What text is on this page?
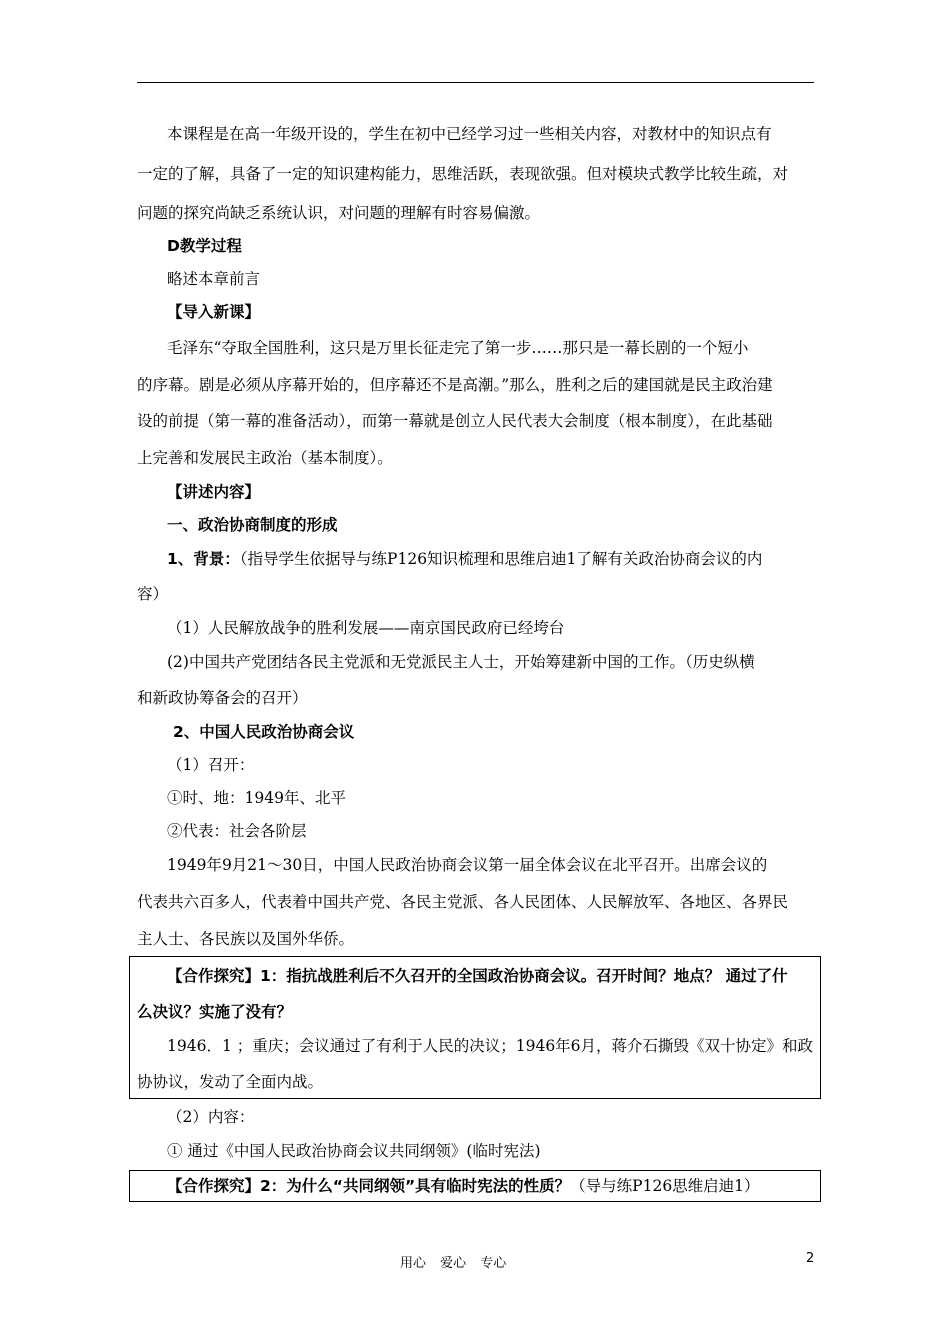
本课程是在高一年级开设的，学生在初中已经学习过一些相关内容，对教材中的知识点有
一定的了解，具备了一定的知识建构能力，思维活跃，表现欲强。但对模块式教学比较生疏，对
问题的探究尚缺乏系统认识，对问题的理解有时容易偏激。
D教学过程
略述本章前言
【导入新课】
毛泽东“夺取全国胜利，这只是万里长征走完了第一步……那只是一幕长剧的一个短小
的序幕。剧是必须从序幕开始的，但序幕还不是高潮。”那么，胜利之后的建国就是民主政治建
设的前提（第一幕的准备活动），而第一幕就是创立人民代表大会制度（根本制度），在此基础
上完善和发展民主政治（基本制度）。
【讲述内容】
一、政治协商制度的形成
1、背景：（指导学生依据导与练P126知识梳理和思维启迪1了解有关政治协商会议的内
容）
（1）人民解放战争的胜利发展——南京国民政府已经垮台
(2)中国共产党团结各民主党派和无党派民主人士，开始筹建新中国的工作。（历史纵横
和新政协筹备会的召开）
2、中国人民政治协商会议
（1）召开：
①时、地：1949年、北平
②代表：社会各阶层
1949年9月21～30日，中国人民政治协商会议第一届全体会议在北平召开。出席会议的
代表共六百多人，代表着中国共产党、各民主党派、各人民团体、人民解放军、各地区、各界民
主人士、各民族以及国外华侨。
【合作探究】1：指抗战胜利后不久召开的全国政治协商会议。召开时间？地点？ 通过了什
么决议？实施了没有？
1946．1 ；重庆；会议通过了有利于人民的决议；1946年6月，蒋介石撕毁《双十协定》和政
协协议，发动了全面内战。
（2）内容：
① 通过《中国人民政治协商会议共同纲领》(临时宪法)
【合作探究】2：为什么“共同纲领”具有临时宪法的性质？（导与练P126思维启迪1）
用心 爱心 专心	2
